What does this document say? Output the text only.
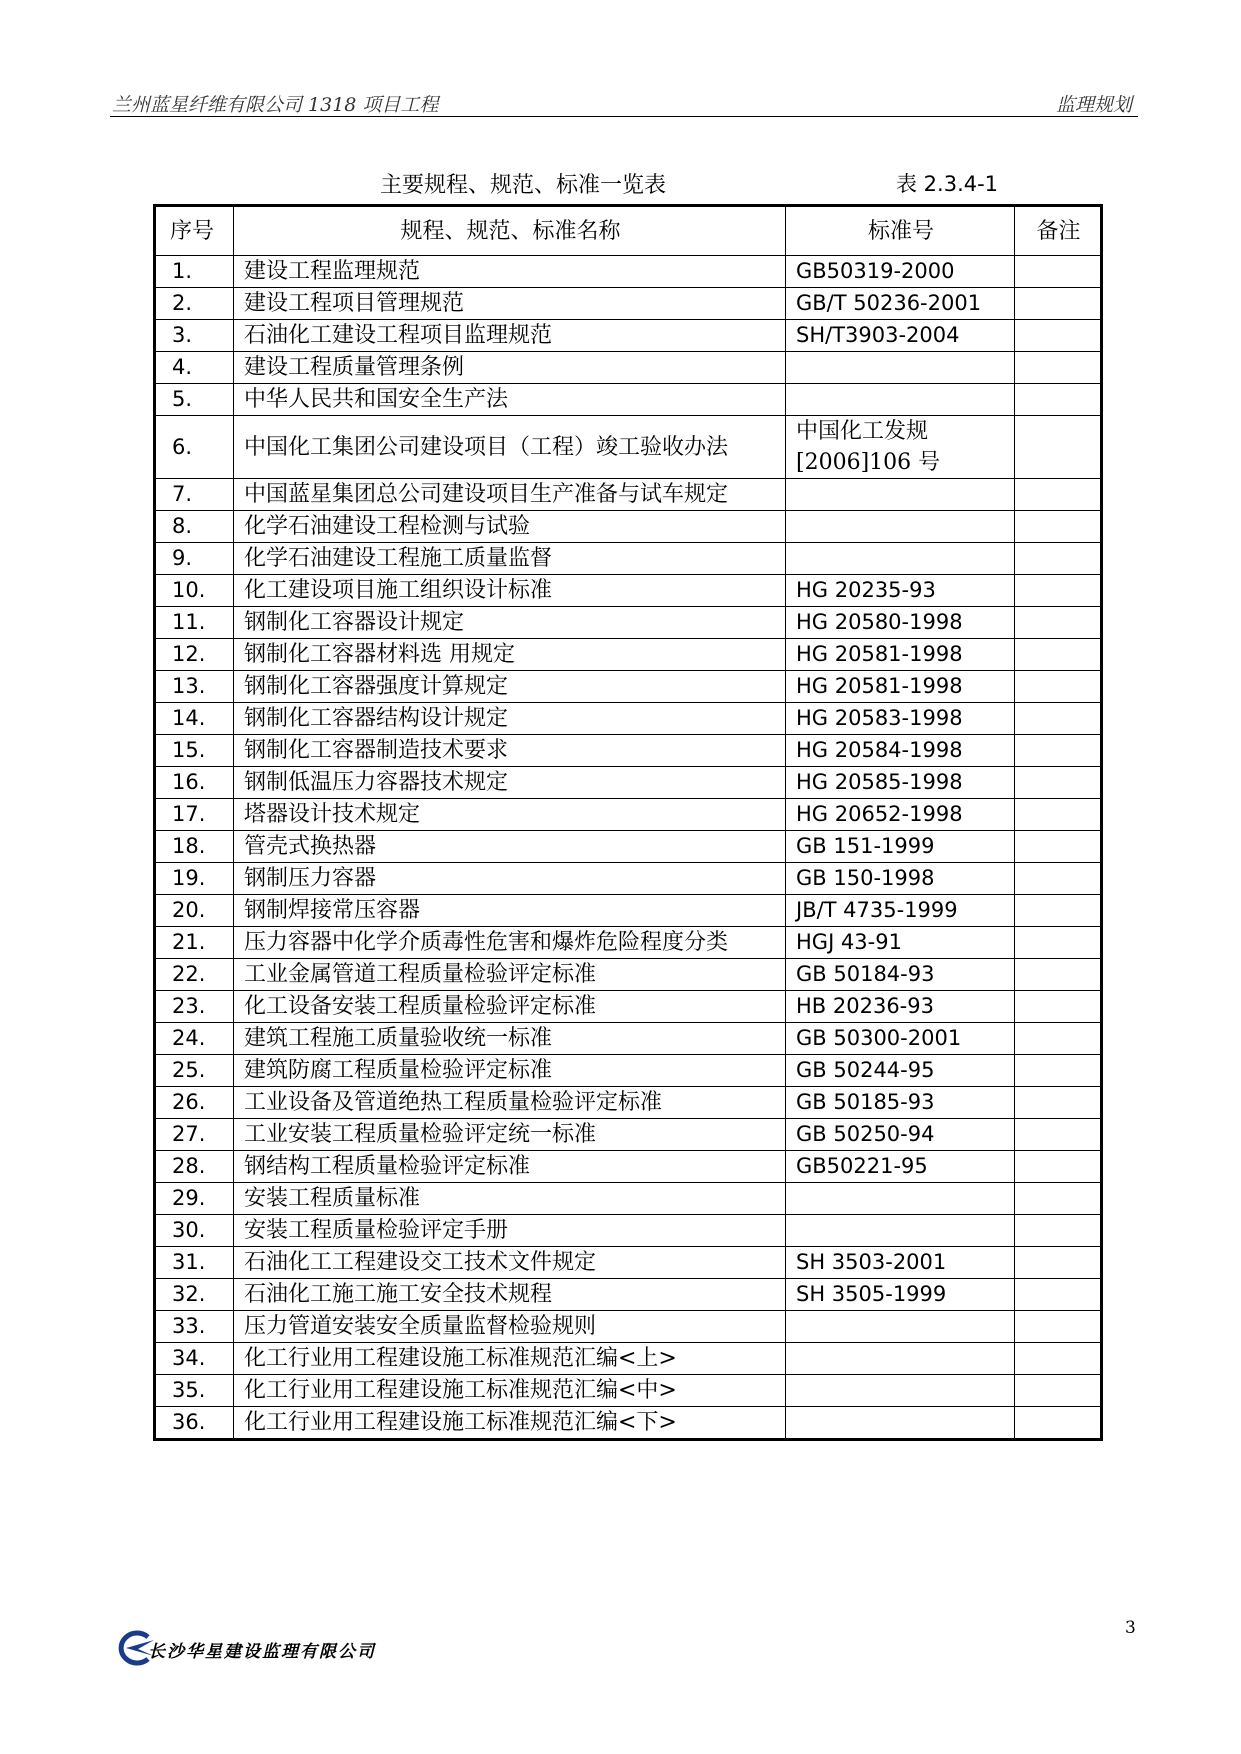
兰州蓝星纤维有限公司 1318 项目工程	监理规划
主要规程、规范、标准一览表	表 2.3.4-1
序号	规程、规范、标准名称	标准号	备注
1.	建设工程监理规范	GB50319-2000	
2.	建设工程项目管理规范	GB/T 50236-2001	
3.	石油化工建设工程项目监理规范	SH/T3903-2004	
4.	建设工程质量管理条例		
5.	中华人民共和国安全生产法		
6.	中国化工集团公司建设项目（工程）竣工验收办法	中国化工发规[2006]106 号	
7.	中国蓝星集团总公司建设项目生产准备与试车规定		
8.	化学石油建设工程检测与试验		
9.	化学石油建设工程施工质量监督		
10.	化工建设项目施工组织设计标准	HG 20235-93	
11.	钢制化工容器设计规定	HG 20580-1998	
12.	钢制化工容器材料选 用规定	HG 20581-1998	
13.	钢制化工容器强度计算规定	HG 20581-1998	
14.	钢制化工容器结构设计规定	HG 20583-1998	
15.	钢制化工容器制造技术要求	HG 20584-1998	
16.	钢制低温压力容器技术规定	HG 20585-1998	
17.	塔器设计技术规定	HG 20652-1998	
18.	管壳式换热器	GB 151-1999	
19.	钢制压力容器	GB 150-1998	
20.	钢制焊接常压容器	JB/T 4735-1999	
21.	压力容器中化学介质毒性危害和爆炸危险程度分类	HGJ 43-91	
22.	工业金属管道工程质量检验评定标准	GB 50184-93	
23.	化工设备安装工程质量检验评定标准	HB 20236-93	
24.	建筑工程施工质量验收统一标准	GB 50300-2001	
25.	建筑防腐工程质量检验评定标准	GB 50244-95	
26.	工业设备及管道绝热工程质量检验评定标准	GB 50185-93	
27.	工业安装工程质量检验评定统一标准	GB 50250-94	
28.	钢结构工程质量检验评定标准	GB50221-95	
29.	安装工程质量标准		
30.	安装工程质量检验评定手册		
31.	石油化工工程建设交工技术文件规定	SH 3503-2001	
32.	石油化工施工施工安全技术规程	SH 3505-1999	
33.	压力管道安装安全质量监督检验规则		
34.	化工行业用工程建设施工标准规范汇编<上>		
35.	化工行业用工程建设施工标准规范汇编<中>		
36.	化工行业用工程建设施工标准规范汇编<下>		
长沙华星建设监理有限公司
3
